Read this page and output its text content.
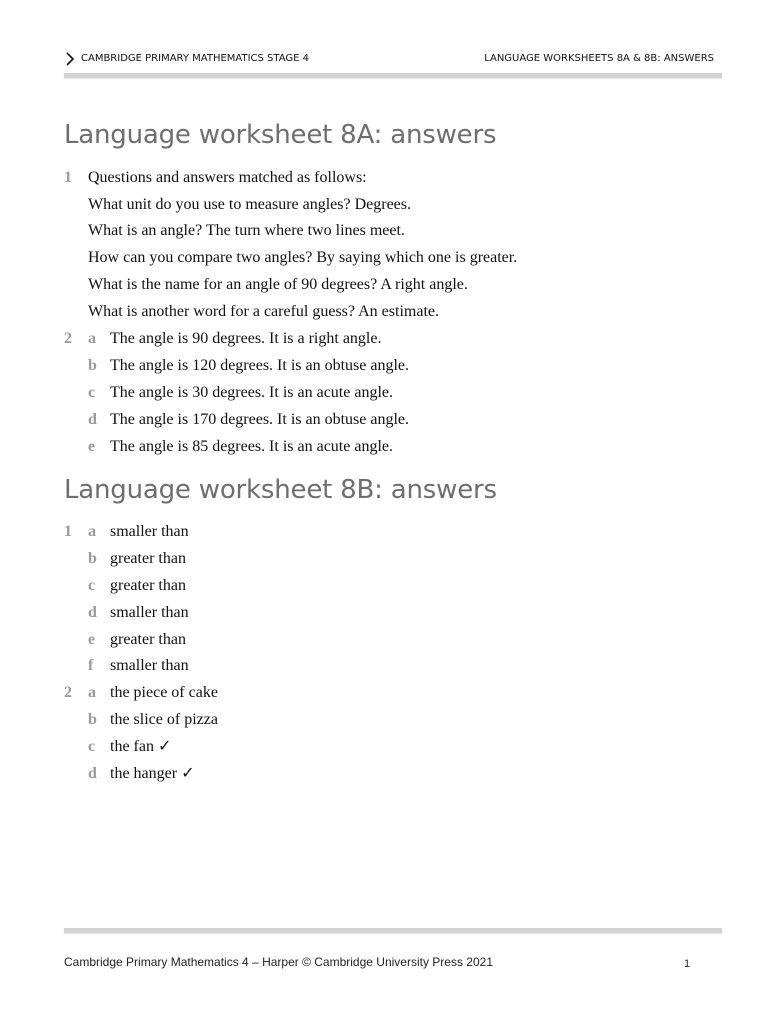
CAMBRIDGE PRIMARY MATHEMATICS STAGE 4	LANGUAGE WORKSHEETS 8A & 8B: ANSWERS
Language worksheet 8A: answers
1 Questions and answers matched as follows:
What unit do you use to measure angles? Degrees.
What is an angle? The turn where two lines meet.
How can you compare two angles? By saying which one is greater.
What is the name for an angle of 90 degrees? A right angle.
What is another word for a careful guess? An estimate.
2 a The angle is 90 degrees. It is a right angle.
b The angle is 120 degrees. It is an obtuse angle.
c The angle is 30 degrees. It is an acute angle.
d The angle is 170 degrees. It is an obtuse angle.
e The angle is 85 degrees. It is an acute angle.
Language worksheet 8B: answers
1 a smaller than
b greater than
c greater than
d smaller than
e greater than
f	smaller than
2 a the piece of cake
b the slice of pizza
c the fan ✓
d the hanger ✓
Cambridge Primary Mathematics 4 – Harper © Cambridge University Press 2021	1
